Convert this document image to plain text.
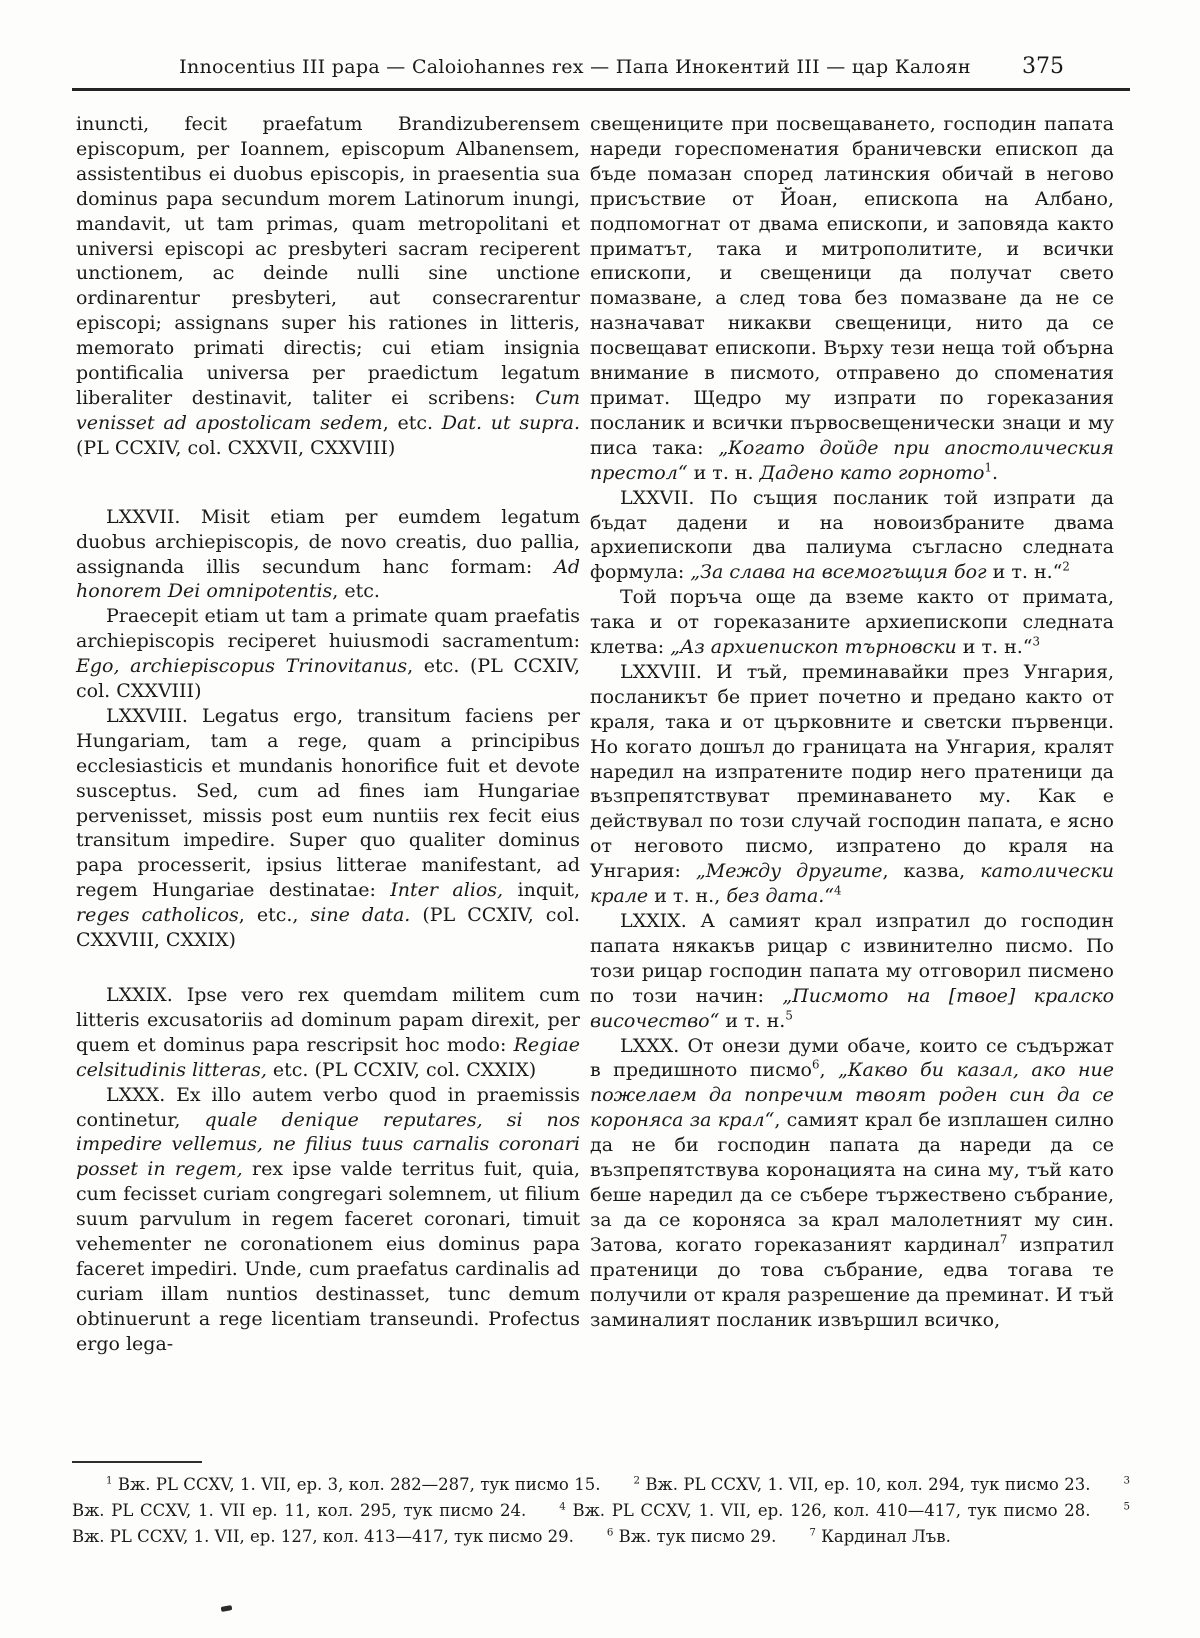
Innocentius III papa — Caloiohannes rex — Папа Инокентий III — цар Калоян	375

inuncti, fecit praefatum Brandizuberensem episcopum, per Ioannem, episcopum Albanensem, assistentibus ei duobus episcopis, in praesentia sua dominus papa secundum morem Latinorum inungi, mandavit, ut tam primas, quam metropolitani et universi episcopi ac presbyteri sacram reciperent unctionem, ac deinde nulli sine unctione ordinarentur presbyteri, aut consecrarentur episcopi; assignans super his rationes in litteris, memorato primati directis; cui etiam insignia pontificalia universa per praedictum legatum liberaliter destinavit, taliter ei scribens: Cum venisset ad apostolicam sedem, etc. Dat. ut supra. (PL CCXIV, col. CXXVII, CXXVIII)

LXXVII. Misit etiam per eumdem legatum duobus archiepiscopis, de novo creatis, duo pallia, assignanda illis secundum hanc formam: Ad honorem Dei omnipotentis, etc.

Praecepit etiam ut tam a primate quam praefatis archiepiscopis reciperet huiusmodi sacramentum: Ego, archiepiscopus Trinovitanus, etc. (PL CCXIV, col. CXXVIII)

LXXVIII. Legatus ergo, transitum faciens per Hungariam, tam a rege, quam a principibus ecclesiasticis et mundanis honorifice fuit et devote susceptus. Sed, cum ad fines iam Hungariae pervenisset, missis post eum nuntiis rex fecit eius transitum impedire. Super quo qualiter dominus papa processerit, ipsius litterae manifestant, ad regem Hungariae destinatae: Inter alios, inquit, reges catholicos, etc., sine data. (PL CCXIV, col. CXXVIII, CXXIX)

LXXIX. Ipse vero rex quemdam militem cum litteris excusatoriis ad dominum papam direxit, per quem et dominus papa rescripsit hoc modo: Regiae celsitudinis litteras, etc. (PL CCXIV, col. CXXIX)

LXXX. Ex illo autem verbo quod in praemissis continetur, quale denique reputares, si nos impedire vellemus, ne filius tuus carnalis coronari posset in regem, rex ipse valde territus fuit, quia, cum fecisset curiam congregari solemnem, ut filium suum parvulum in regem faceret coronari, timuit vehementer ne coronationem eius dominus papa faceret impediri. Unde, cum praefatus cardinalis ad curiam illam nuntios destinasset, tunc demum obtinuerunt a rege licentiam transeundi. Profectus ergo lega-

свещениците при посвещаването, господин папата нареди гореспоменатия браничевски епископ да бъде помазан според латинския обичай в негово присъствие от Йоан, епископа на Албано, подпомогнат от двама епископи, и заповяда както приматът, така и митрополитите, и всички епископи, и свещеници да получат свето помазване, а след това без помазване да не се назначават никакви свещеници, нито да се посвещават епископи. Върху тези неща той обърна внимание в писмото, отправено до споменатия примат. Щедро му изпрати по гореказания посланик и всички първосвещенически знаци и му писа така: „Когато дойде при апостолическия престол“ и т. н. Дадено като горното$^1$.

LXXVII. По същия посланик той изпрати да бъдат дадени и на новоизбраните двама архиепископи два палиума съгласно следната формула: „За слава на всемогъщия бог и т. н.“$^2$

Той поръча още да вземе както от примата, така и от гореказаните архиепископи следната клетва: „Аз архиепископ търновски и т. н.“$^3$

LXXVIII. И тъй, преминавайки през Унгария, посланикът бе приет почетно и предано както от краля, така и от църковните и светски първенци. Но когато дошъл до границата на Унгария, кралят наредил на изпратените подир него пратеници да възпрепятствуват преминаването му. Как е действувал по този случай господин папата, е ясно от неговото писмо, изпратено до краля на Унгария: „Между другите, казва, католически крале и т. н., без дата.“$^4$

LXXIX. А самият крал изпратил до господин папата някакъв рицар с извинително писмо. По този рицар господин папата му отговорил писмено по този начин: „Писмото на [твое] кралско височество“ и т. н.$^5$

LXXX. От онези думи обаче, които се съдържат в предишното писмо$^6$, „Какво би казал, ако ние пожелаем да попречим твоят роден син да се короняса за крал“, самият крал бе изплашен силно да не би господин папата да нареди да се възпрепятствува коронацията на сина му, тъй като беше наредил да се събере тържествено събрание, за да се короняса за крал малолетният му син. Затова, когато гореказаният кардинал$^7$ изпратил пратеници до това събрание, едва тогава те получили от краля разрешение да преминат. И тъй заминалият посланик извършил всичко,

$^1$ Вж. PL CCXV, 1. VII, ep. 3, кол. 282—287, тук писмо 15.  $^2$ Вж. PL CCXV, 1. VII, ep. 10, кол. 294, тук писмо 23.  $^3$ Вж. PL CCXV, 1. VII ep. 11, кол. 295, тук писмо 24.  $^4$ Вж. PL CCXV, 1. VII, ep. 126, кол. 410—417, тук писмо 28.  $^5$ Вж. PL CCXV, 1. VII, ep. 127, кол. 413—417, тук писмо 29.  $^6$ Вж. тук писмо 29.  $^7$ Кардинал Лъв.
